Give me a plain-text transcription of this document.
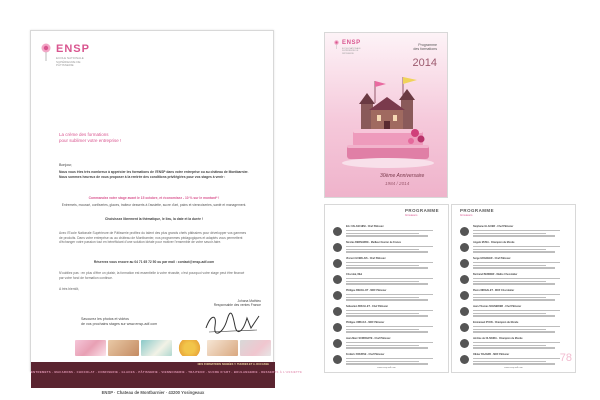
ENSP
ECOLE NATIONALE
SUPÉRIEURE DE
PÂTISSERIE
La crème des formations
pour sublimer votre entreprise !
Bonjour,
Nous vous êtes très nombreux à apprécier les formations de l'ENSP dans votre entreprise ou au château de Montbarnier. Nous sommes heureux de vous proposer à la rentrée des conditions privilégiées pour vos stages à venir :
Commandez votre stage avant le 15 octobre, et économisez - 10 % sur le montant* !
Entremets, moussé, confiseries, glaces, traiteur desserts à l'assiette, sucre d'art, pains et viennoiseries, santé et management.
Choisissez librement la thématique, le lieu, la date et la durée !
Avec l'Ecole Nationale Supérieure de Pâtisserie profitez du talent des plus grands chefs pâtissiers pour développer vos gammes de produits. Dans votre entreprise ou au château de Montbarnier, nos programmes pédagogiques et adaptés vous permettent d'échanger votre passion tout en bénéficiant d'une solution idéale pour motiver l'ensemble de votre savoir-faire.
Réservez vous encore au 04 71 65 72 50 ou par mail : contact@ensp-adf.com
N'oubliez pas : en plus d'être un plaisir, la formation est essentielle à votre réussite, c'est pourquoi votre stage peut être financé par votre fond de formation continue.
A très bientôt,
Johana Mathieu
Responsable des ventes France
Savourez les photos et vidéos
de vos prochains stages sur www.ensp-adf.com
NOS FORMATIONS SIGNÉES Y. THURIES ET A. DUCASSE
ENTREMETS · MACARONS · CHOCOLAT · CONFISERIE · GLACES · PÂTISSERIE · VIENNOISERIE · TRAITEUR · SUCRE D'ART · BOULANGERIE · DESSERTS À L'ASSIETTE
ENSP · Chateau de Montbarnier · 43200 Yssingeaux
ENSP
ECOLE NATIONALE
SUPÉRIEURE DE
PÂTISSERIE
Programme
des formations
2014
30ème Anniversaire
1984 / 2014
PROGRAMME
formateurs
Eric VALASCHINI · Chef Pâtissier
Nicolas BERNARDE · Meilleur Ouvrier de France
Vincent GUERLAIS · Chef Pâtissier
Chocolat, Miel
Philippe RIGOLLOT · MOF Pâtissier
Sébastien BOUILLET · Chef Pâtissier
Philippe URRACA · MOF Pâtissier
Jean-Marc SCRIBANTE · Chef Pâtissier
Frédéric BOURSE · Chef Pâtissier
www.ensp-adf.com
PROGRAMME
formateurs
Stéphane GLACIER · Chef Pâtissier
Angelo MUSA · Champion du Monde
Serge GRANGER · Chef Pâtissier
Bertrand BERNIER · Maître Chocolatier
Pierre MIRGALET · MOF Chocolatier
Jean-Thomas SCHNEIDER · Chef Pâtissier
Emmanuel RYON · Champion du Monde
Jérôme de OLIVEIRA · Champion du Monde
Olivier BAJARD · MOF Pâtissier	78
www.ensp-adf.com
